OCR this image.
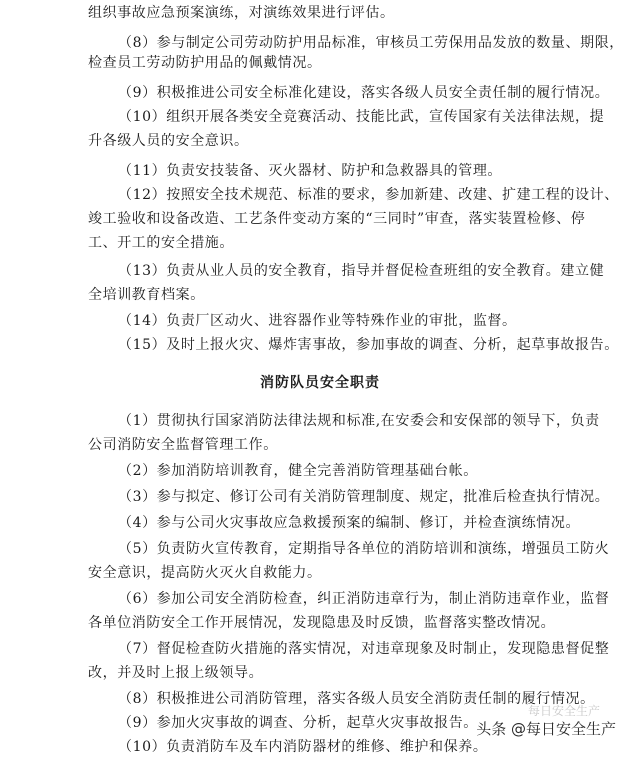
组织事故应急预案演练，对演练效果进行评估。
（8）参与制定公司劳动防护用品标准，审核员工劳保用品发放的数量、期限，
检查员工劳动防护用品的佩戴情况。
（9）积极推进公司安全标准化建设，落实各级人员安全责任制的履行情况。
（10）组织开展各类安全竞赛活动、技能比武，宣传国家有关法律法规，提
升各级人员的安全意识。
（11）负责安技装备、灭火器材、防护和急救器具的管理。
（12）按照安全技术规范、标准的要求，参加新建、改建、扩建工程的设计、
竣工验收和设备改造、工艺条件变动方案的“三同时”审查，落实装置检修、停
工、开工的安全措施。
（13）负责从业人员的安全教育，指导并督促检查班组的安全教育。建立健
全培训教育档案。
（14）负责厂区动火、进容器作业等特殊作业的审批，监督。
（15）及时上报火灾、爆炸害事故，参加事故的调查、分析，起草事故报告。
消防队员安全职责
（1）贯彻执行国家消防法律法规和标准,在安委会和安保部的领导下，负责
公司消防安全监督管理工作。
（2）参加消防培训教育，健全完善消防管理基础台帐。
（3）参与拟定、修订公司有关消防管理制度、规定，批准后检查执行情况。
（4）参与公司火灾事故应急救援预案的编制、修订，并检查演练情况。
（5）负责防火宣传教育，定期指导各单位的消防培训和演练，增强员工防火
安全意识，提高防火灭火自救能力。
（6）参加公司安全消防检查，纠正消防违章行为，制止消防违章作业，监督
各单位消防安全工作开展情况，发现隐患及时反馈，监督落实整改情况。
（7）督促检查防火措施的落实情况，对违章现象及时制止，发现隐患督促整
改，并及时上报上级领导。
（8）积极推进公司消防管理，落实各级人员安全消防责任制的履行情况。
（9）参加火灾事故的调查、分析，起草火灾事故报告。
（10）负责消防车及车内消防器材的维修、维护和保养。
每日安全生产
头条 @每日安全生产
